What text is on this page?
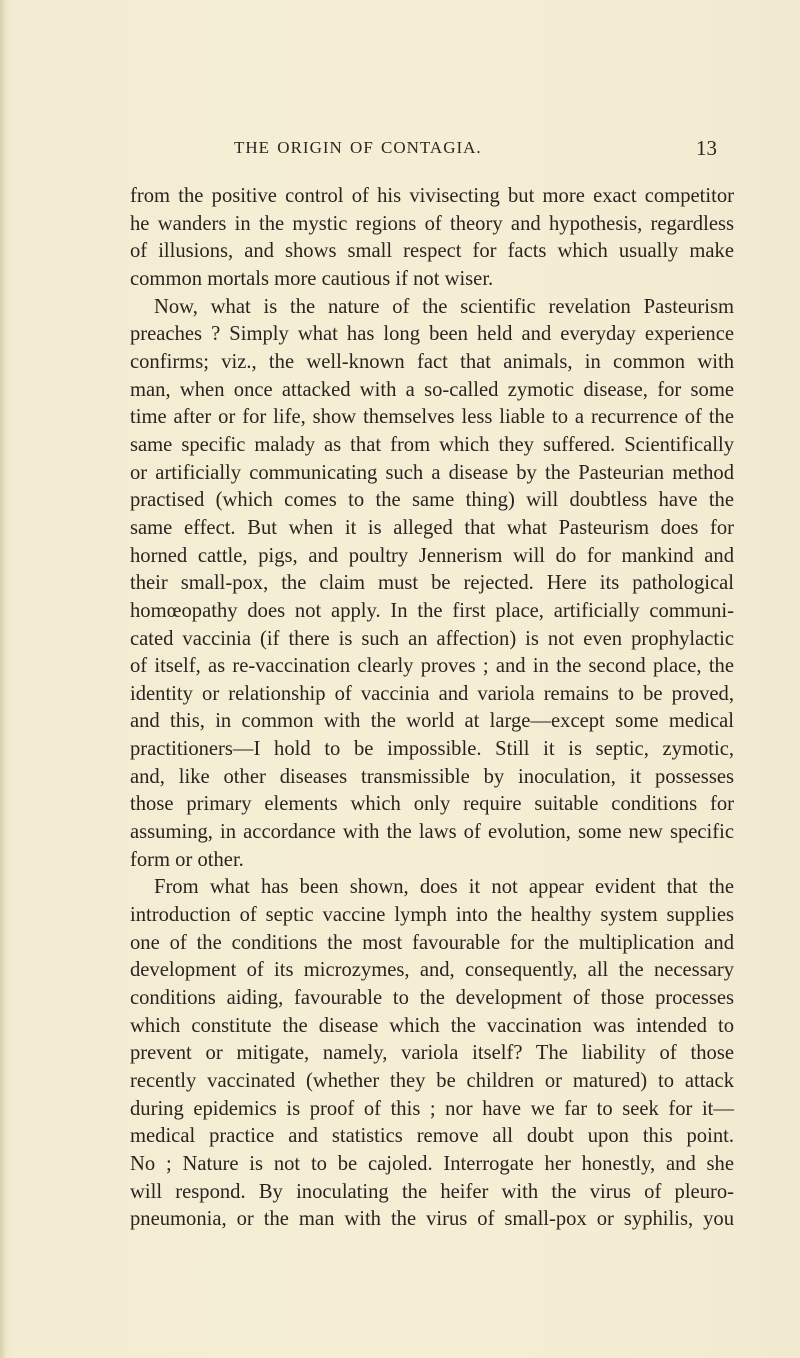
THE ORIGIN OF CONTAGIA.	13
from the positive control of his vivisecting but more exact competitor
he wanders in the mystic regions of theory and hypothesis, regardless
of illusions, and shows small respect for facts which usually make
common mortals more cautious if not wiser.
Now, what is the nature of the scientific revelation Pasteurism
preaches ? Simply what has long been held and everyday experience
confirms; viz., the well-known fact that animals, in common with
man, when once attacked with a so-called zymotic disease, for some
time after or for life, show themselves less liable to a recurrence of the
same specific malady as that from which they suffered. Scientifically
or artificially communicating such a disease by the Pasteurian method
practised (which comes to the same thing) will doubtless have the
same effect. But when it is alleged that what Pasteurism does for
horned cattle, pigs, and poultry Jennerism will do for mankind and
their small-pox, the claim must be rejected. Here its pathological
homœopathy does not apply. In the first place, artificially communi-
cated vaccinia (if there is such an affection) is not even prophylactic
of itself, as re-vaccination clearly proves ; and in the second place, the
identity or relationship of vaccinia and variola remains to be proved,
and this, in common with the world at large—except some medical
practitioners—I hold to be impossible. Still it is septic, zymotic,
and, like other diseases transmissible by inoculation, it possesses
those primary elements which only require suitable conditions for
assuming, in accordance with the laws of evolution, some new specific
form or other.
From what has been shown, does it not appear evident that the
introduction of septic vaccine lymph into the healthy system supplies
one of the conditions the most favourable for the multiplication and
development of its microzymes, and, consequently, all the necessary
conditions aiding, favourable to the development of those processes
which constitute the disease which the vaccination was intended to
prevent or mitigate, namely, variola itself? The liability of those
recently vaccinated (whether they be children or matured) to attack
during epidemics is proof of this ; nor have we far to seek for it—
medical practice and statistics remove all doubt upon this point.
No ; Nature is not to be cajoled. Interrogate her honestly, and she
will respond. By inoculating the heifer with the virus of pleuro-
pneumonia, or the man with the virus of small-pox or syphilis, you
